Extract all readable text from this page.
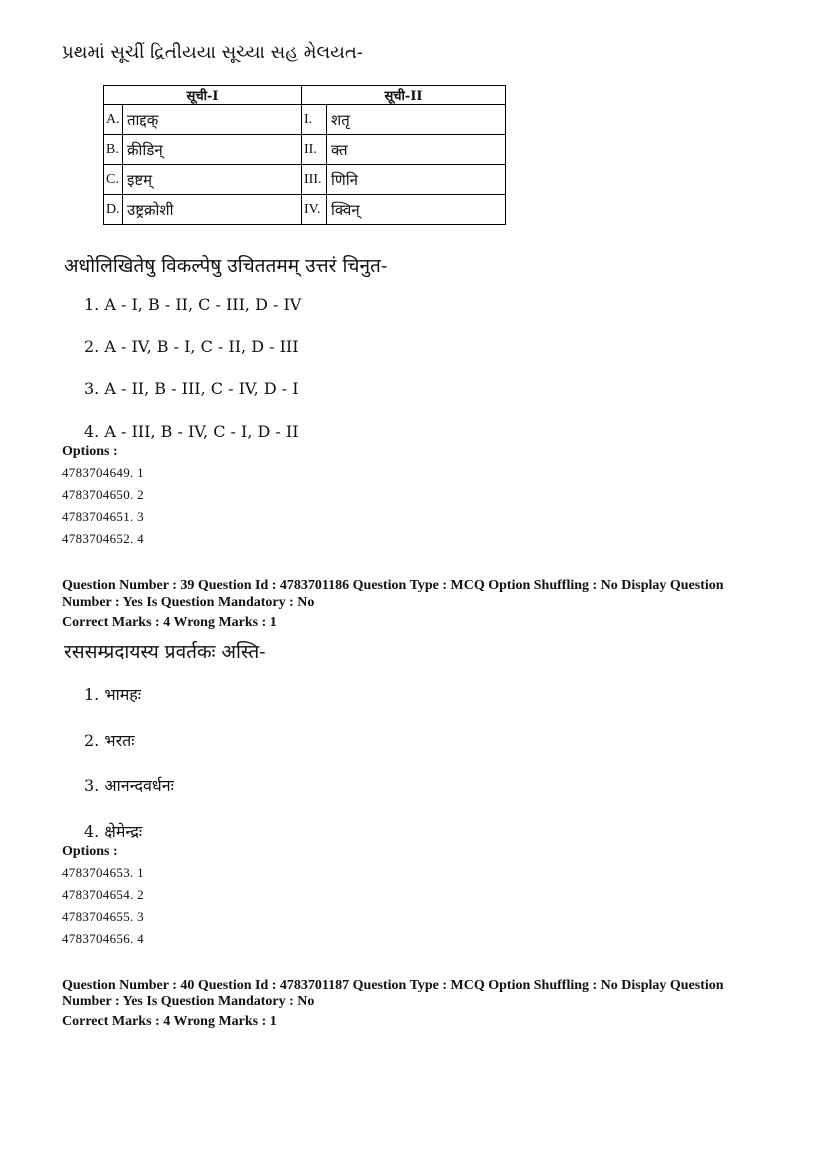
પ્રથમાં સૂચીં દ્રિતીયયા સૂચ્યા સહ મેલયત-
सूची-I		सूची-II	
A.	ताद्दक्	I.	शतृ
B.	क्रीडिन्	II.	क्त
C.	इष्टम्	III.	णिनि
D.	उष्ट्रक्रोशी	IV.	क्विन्
अधोलिखितेषु विकल्पेषु उचिततमम् उत्तरं चिनुत-
1. A - I, B - II, C - III, D - IV
2. A - IV, B - I, C - II, D - III
3. A - II, B - III, C - IV, D - I
4. A - III, B - IV, C - I, D - II
Options :
4783704649. 1
4783704650. 2
4783704651. 3
4783704652. 4
Question Number : 39 Question Id : 4783701186 Question Type : MCQ Option Shuffling : No Display Question
Number : Yes Is Question Mandatory : No
Correct Marks : 4 Wrong Marks : 1
रससम्प्रदायस्य प्रवर्तकः अस्ति-
1. भामहः
2. भरतः
3. आनन्दवर्धनः
4. क्षेमेन्द्रः
Options :
4783704653. 1
4783704654. 2
4783704655. 3
4783704656. 4
Question Number : 40 Question Id : 4783701187 Question Type : MCQ Option Shuffling : No Display Question
Number : Yes Is Question Mandatory : No
Correct Marks : 4 Wrong Marks : 1
